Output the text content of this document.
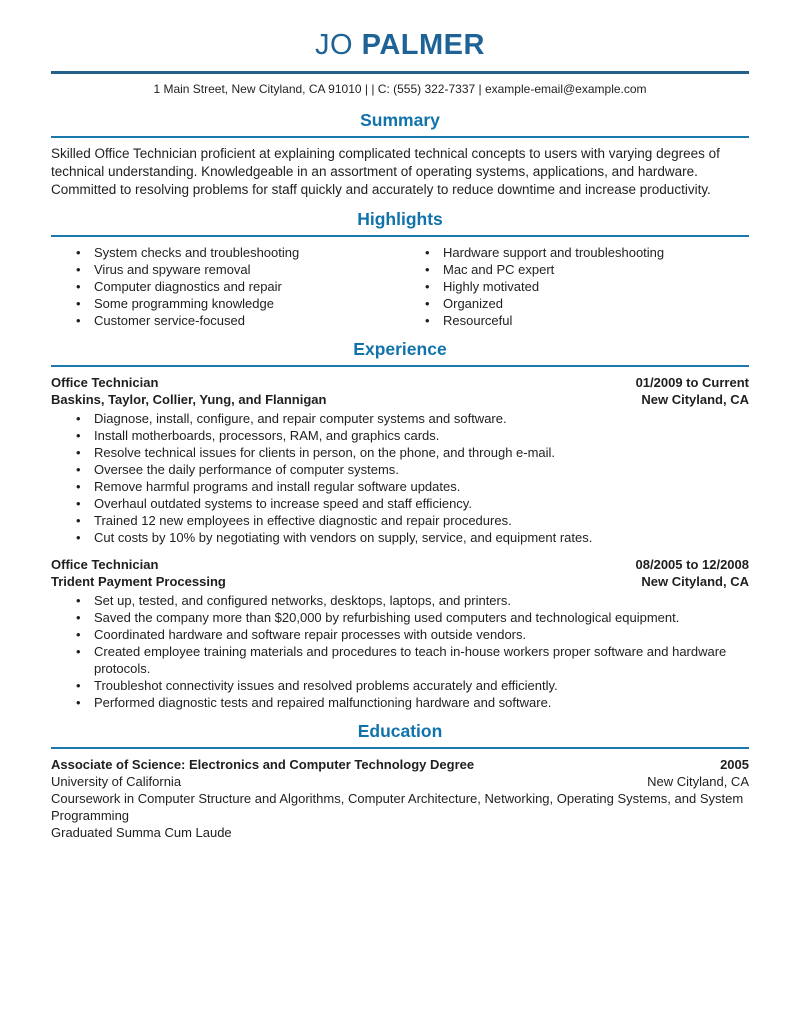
JO PALMER
1 Main Street, New Cityland, CA 91010 | | C: (555) 322-7337 | example-email@example.com
Summary

Skilled Office Technician proficient at explaining complicated technical concepts to users with varying degrees of technical understanding. Knowledgeable in an assortment of operating systems, applications, and hardware. Committed to resolving problems for staff quickly and accurately to reduce downtime and increase productivity.

Highlights
• System checks and troubleshooting
• Virus and spyware removal
• Computer diagnostics and repair
• Some programming knowledge
• Customer service-focused
• Hardware support and troubleshooting
• Mac and PC expert
• Highly motivated
• Organized
• Resourceful
Experience
Office Technician	01/2009 to Current
Baskins, Taylor, Collier, Yung, and Flannigan	New Cityland, CA
• Diagnose, install, configure, and repair computer systems and software.
• Install motherboards, processors, RAM, and graphics cards.
• Resolve technical issues for clients in person, on the phone, and through e-mail.
• Oversee the daily performance of computer systems.
• Remove harmful programs and install regular software updates.
• Overhaul outdated systems to increase speed and staff efficiency.
• Trained 12 new employees in effective diagnostic and repair procedures.
• Cut costs by 10% by negotiating with vendors on supply, service, and equipment rates.
Office Technician	08/2005 to 12/2008
Trident Payment Processing	New Cityland, CA
• Set up, tested, and configured networks, desktops, laptops, and printers.
• Saved the company more than $20,000 by refurbishing used computers and technological equipment.
• Coordinated hardware and software repair processes with outside vendors.
• Created employee training materials and procedures to teach in-house workers proper software and hardware protocols.
• Troubleshot connectivity issues and resolved problems accurately and efficiently.
• Performed diagnostic tests and repaired malfunctioning hardware and software.
Education
Associate of Science: Electronics and Computer Technology Degree	2005
University of California	New Cityland, CA

Coursework in Computer Structure and Algorithms, Computer Architecture, Networking, Operating Systems, and System Programming

Graduated Summa Cum Laude
